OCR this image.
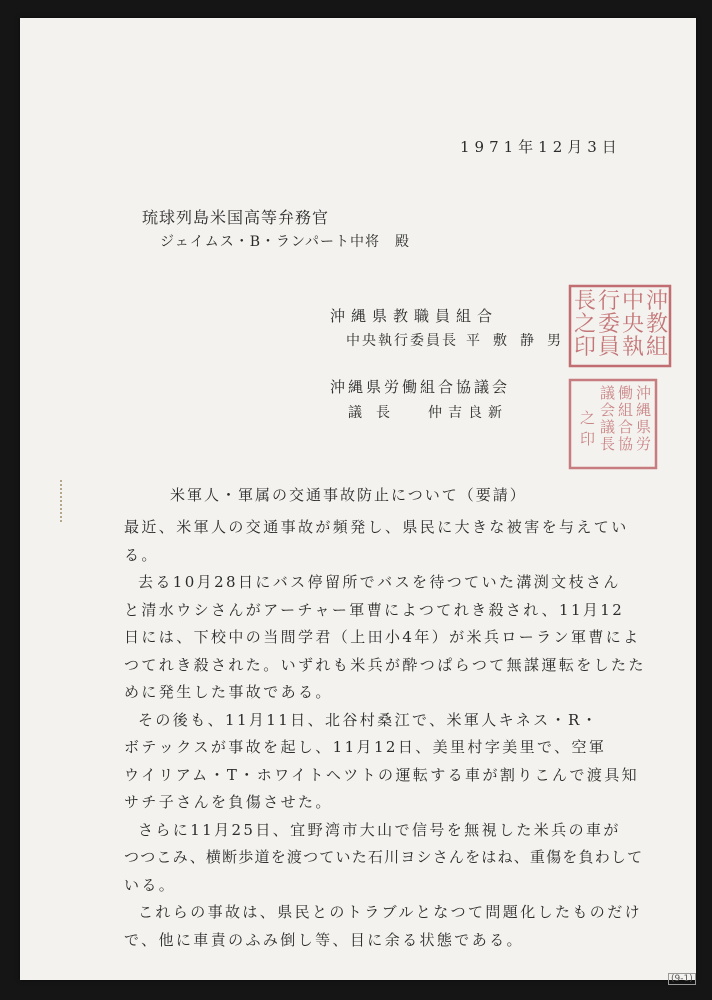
1971年12月3日
琉球列島米国高等弁務官
ジェイムス・B・ランパート中将　殿
沖縄県教職員組合
中央執行委員長 平敷静男
沖縄県労働組合協議会
議長 仲吉良新
沖
教
組
中
央
執
行
委
員
長
之
印
沖
縄
県
労
働
組
合
協
議
会
議
長
之
印
米軍人・軍属の交通事故防止について（要請）

最近、米軍人の交通事故が頻発し、県民に大きな被害を与えてい

る。

去る10月28日にバス停留所でバスを待つていた溝渕文枝さん

と清水ウシさんがアーチャー軍曹によつてれき殺され、11月12

日には、下校中の当間学君（上田小4年）が米兵ローラン軍曹によ

つてれき殺された。いずれも米兵が酔つぱらつて無謀運転をしたた

めに発生した事故である。

その後も、11月11日、北谷村桑江で、米軍人キネス・R・

ボテックスが事故を起し、11月12日、美里村字美里で、空軍

ウイリアム・T・ホワイトヘツトの運転する車が割りこんで渡具知

サチ子さんを負傷させた。

さらに11月25日、宜野湾市大山で信号を無視した米兵の車が

つつこみ、横断歩道を渡つていた石川ヨシさんをはね、重傷を負わして

いる。

これらの事故は、県民とのトラブルとなつて問題化したものだけ

で、他に車責のふみ倒し等、目に余る状態である。

(9-1)
